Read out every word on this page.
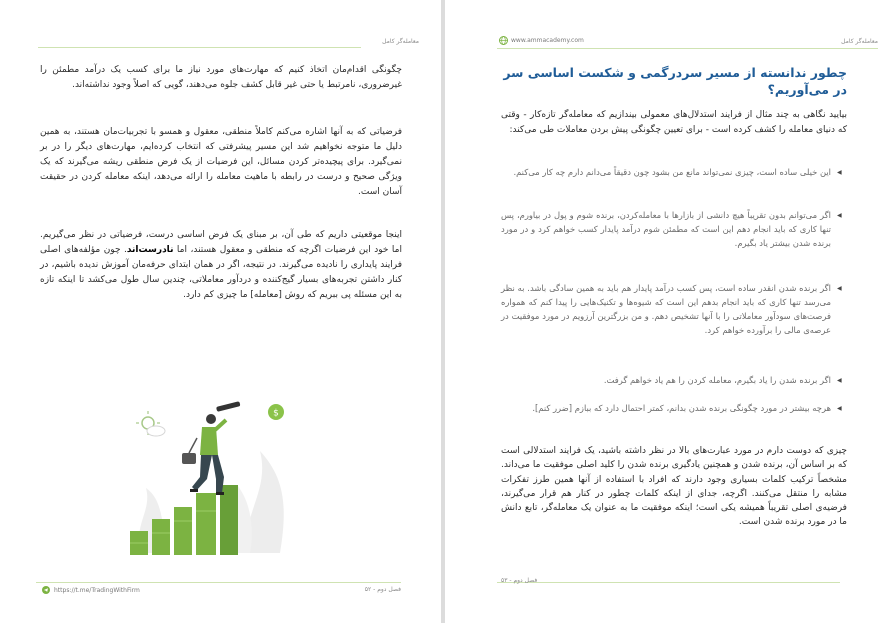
معامله‌گر کامل
چگونگی اقدام‌مان اتخاذ کنیم که مهارت‌های مورد نیاز ما برای کسب یک درآمد مطمئن را غیرضروری، نامرتبط یا حتی غیر قابل کشف جلوه می‌دهند، گویی که اصلاً وجود نداشته‌اند.
فرضیاتی که به آنها اشاره می‌کنم کاملاً منطقی، معقول و همسو با تجربیات‌مان هستند، به همین دلیل ما متوجه نخواهیم شد این مسیر پیشرفتی که انتخاب کرده‌ایم، مهارت‌های دیگر را در بر نمی‌گیرد. برای پیچیده‌تر کردن مسائل، این فرضیات از یک فرض منطقی ریشه می‌گیرند که یک ویژگی صحیح و درست در رابطه با ماهیت معامله را ارائه می‌دهد، اینکه معامله کردن در حقیقت آسان است.
اینجا موقعیتی داریم که طی آن، بر مبنای یک فرض اساسی درست، فرضیاتی در نظر می‌گیریم. اما خود این فرضیات اگرچه که منطقی و معقول هستند، اما نادرست‌اند. چون مؤلفه‌های اصلی فرایند پایداری را نادیده می‌گیرند. در نتیجه، اگر در همان ابتدای حرفه‌مان آموزش ندیده باشیم، در کنار داشتن تجربه‌های بسیار گیج‌کننده و دردآور معاملاتی، چندین سال طول می‌کشد تا اینکه تازه به این مسئله پی ببریم که روش [معامله] ما چیزی کم دارد.
$
https://t.me/TradingWithFirm	فصل دوم - ۵۲
www.ammacademy.com	معامله‌گر کامل
چطور ندانسته از مسیر سردرگمی و شکست اساسی سر در می‌آوریم؟
بیایید نگاهی به چند مثال از فرایند استدلال‌های معمولی بیندازیم که معامله‌گر تازه‌کار - وقتی که دنیای معامله را کشف کرده است - برای تعیین چگونگی پیش بردن معاملات طی می‌کند:
◀
این خیلی ساده است، چیزی نمی‌تواند مانع من بشود چون دقیقاً می‌دانم دارم چه کار می‌کنم.
◀
اگر می‌توانم بدون تقریباً هیچ دانشی از بازارها با معامله‌کردن، برنده شوم و پول در بیاورم، پس تنها کاری که باید انجام دهم این است که مطمئن شوم درآمد پایدار کسب خواهم کرد و در مورد برنده شدن بیشتر یاد بگیرم.
◀
اگر برنده شدن انقدر ساده است، پس کسب درآمد پایدار هم باید به همین سادگی باشد. به نظر می‌رسد تنها کاری که باید انجام بدهم این است که شیوه‌ها و تکنیک‌هایی را پیدا کنم که همواره فرصت‌های سودآور معاملاتی را با آنها تشخیص دهم. و من بزرگترین آرزویم در مورد موفقیت در عرصه‌ی مالی را برآورده خواهم کرد.
◀
اگر برنده شدن را یاد بگیرم، معامله کردن را هم یاد خواهم گرفت.
◀
هرچه بیشتر در مورد چگونگی برنده شدن بدانم، کمتر احتمال دارد که ببازم [ضرر کنم].
چیزی که دوست دارم در مورد عبارت‌های بالا در نظر داشته باشید، یک فرایند استدلالی است که بر اساس آن، برنده شدن و همچنین یادگیری برنده شدن را کلید اصلی موفقیت ما می‌داند. مشخصاً ترکیب کلمات بسیاری وجود دارند که افراد با استفاده از آنها همین طرز تفکرات مشابه را منتقل می‌کنند. اگرچه، جدای از اینکه کلمات چطور در کنار هم قرار می‌گیرند، فرضیه‌ی اصلی تقریباً همیشه یکی است؛ اینکه موفقیت ما به عنوان یک معامله‌گر، تابع دانش ما در مورد برنده شدن است.
فصل دوم - ۵۳
